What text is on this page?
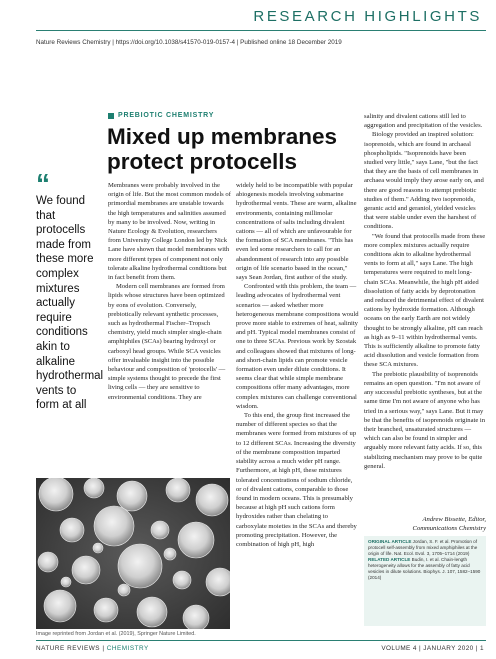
RESEARCH HIGHLIGHTS
Nature Reviews Chemistry | https://doi.org/10.1038/s41570-019-0157-4 | Published online 18 December 2019
PREBIOTIC CHEMISTRY
Mixed up membranes protect protocells
“
We found that protocells made from these more complex mixtures actually require conditions akin to alkaline hydrothermal vents to form at all

Membranes were probably involved in the origin of life. But the most common models of primordial membranes are unstable towards the high temperatures and salinities assumed by many to be involved. Now, writing in Nature Ecology & Evolution, researchers from University College London led by Nick Lane have shown that model membranes with more different types of component not only tolerate alkaline hydrothermal conditions but in fact benefit from them.

Modern cell membranes are formed from lipids whose structures have been optimized by eons of evolution. Conversely, prebiotically relevant synthetic processes, such as hydrothermal Fischer–Tropsch chemistry, yield much simpler single-chain amphiphiles (SCAs) bearing hydroxyl or carboxyl head groups. While SCA vesicles offer invaluable insight into the possible behaviour and composition of 'protocells' — simple systems thought to precede the first living cells — they are sensitive to environmental conditions. They are

widely held to be incompatible with popular abiogenesis models involving submarine hydrothermal vents. These are warm, alkaline environments, containing millimolar concentrations of salts including divalent cations — all of which are unfavourable for the formation of SCA membranes. "This has even led some researchers to call for an abandonment of research into any possible origin of life scenario based in the ocean," says Sean Jordan, first author of the study.

Confronted with this problem, the team — leading advocates of hydrothermal vent scenarios — asked whether more heterogeneous membrane compositions would prove more stable to extremes of heat, salinity and pH. Typical model membranes consist of one to three SCAs. Previous work by Szostak and colleagues showed that mixtures of long- and short-chain lipids can promote vesicle formation even under dilute conditions. It seems clear that while simple membrane compositions offer many advantages, more complex mixtures can challenge conventional wisdom.

To this end, the group first increased the number of different species so that the membranes were formed from mixtures of up to 12 different SCAs. Increasing the diversity of the membrane composition imparted stability across a much wider pH range. Furthermore, at high pH, these mixtures tolerated concentrations of sodium chloride, or of divalent cations, comparable to those found in modern oceans. This is presumably because at high pH such cations form hydroxides rather than chelating to carboxylate moieties in the SCAs and thereby promoting precipitation. However, the combination of high pH, high

salinity and divalent cations still led to aggregation and precipitation of the vesicles.

Biology provided an inspired solution: isoprenoids, which are found in archaeal phospholipids. "Isoprenoids have been studied very little," says Lane, "but the fact that they are the basis of cell membranes in archaea would imply they arose early on, and there are good reasons to attempt prebiotic studies of them." Adding two isoprenoids, geranic acid and geraniol, yielded vesicles that were stable under even the harshest of conditions.

"We found that protocells made from these more complex mixtures actually require conditions akin to alkaline hydrothermal vents to form at all," says Lane. The high temperatures were required to melt long-chain SCAs. Meanwhile, the high pH aided dissolution of fatty acids by deprotonation and reduced the detrimental effect of divalent cations by hydroxide formation. Although oceans on the early Earth are not widely thought to be strongly alkaline, pH can reach as high as 9–11 within hydrothermal vents. This is sufficiently alkaline to promote fatty acid dissolution and vesicle formation from these SCA mixtures.

The prebiotic plausibility of isoprenoids remains an open question. "I'm not aware of any successful prebiotic syntheses, but at the same time I'm not aware of anyone who has tried in a serious way," says Lane. But it may be that the benefits of isoprenoids originate in their branched, unsaturated structures — which can also be found in simpler and arguably more relevant fatty acids. If so, this stabilizing mechanism may prove to be quite general.

Andrew Bissette, Editor,
Communications Chemistry
ORIGINAL ARTICLE Jordan, S. F. et al. Promotion of protocell self-assembly from mixed amphiphiles at the origin of life. Nat. Ecol. Evol. 3, 1705–1714 (2019)
RELATED ARTICLE Budin, I. et al. Chain-length heterogeneity allows for the assembly of fatty acid vesicles in dilute solutions. Biophys. J. 107, 1582–1590 (2014)
Image reprinted from Jordan et al. (2019), Springer Nature Limited.
NATURE REVIEWS | CHEMISTRY	VOLUME 4 | JANUARY 2020 | 1
